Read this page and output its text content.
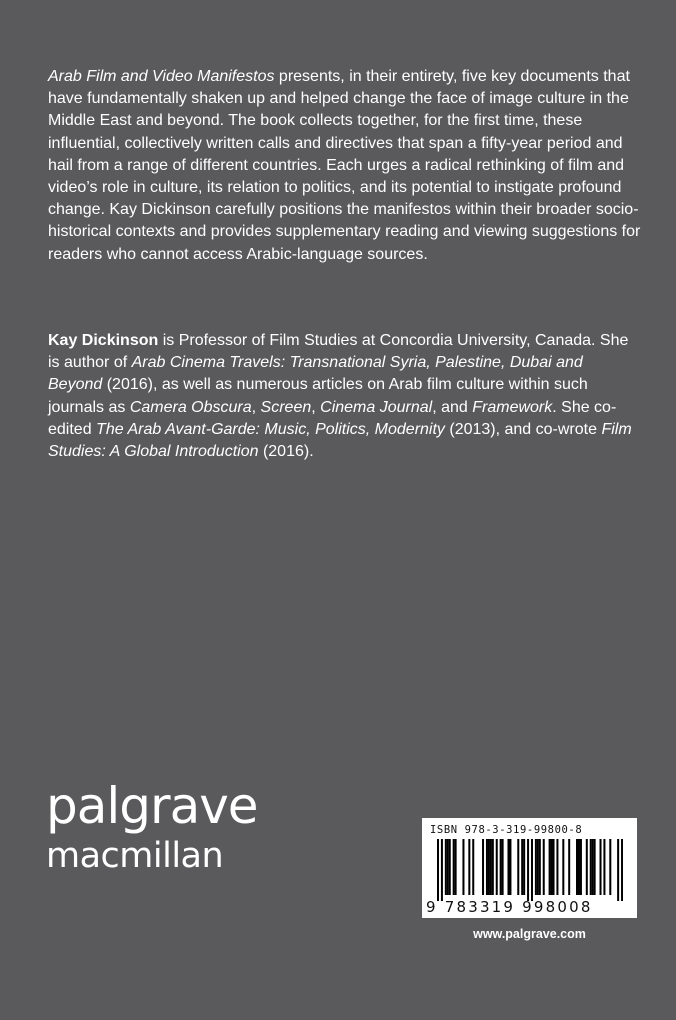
Arab Film and Video Manifestos presents, in their entirety, five key documents that have fundamentally shaken up and helped change the face of image culture in the Middle East and beyond. The book collects together, for the first time, these influential, collectively written calls and directives that span a fifty-year period and hail from a range of different countries. Each urges a radical rethinking of film and video’s role in culture, its relation to politics, and its potential to instigate profound change. Kay Dickinson carefully positions the manifestos within their broader socio-historical contexts and provides supplementary reading and viewing suggestions for readers who cannot access Arabic-language sources.

Kay Dickinson is Professor of Film Studies at Concordia University, Canada. She is author of Arab Cinema Travels: Transnational Syria, Palestine, Dubai and Beyond (2016), as well as numerous articles on Arab film culture within such journals as Camera Obscura, Screen, Cinema Journal, and Framework. She co-edited The Arab Avant-Garde: Music, Politics, Modernity (2013), and co-wrote Film Studies: A Global Introduction (2016).

palgrave
macmillan
ISBN 978-3-319-99800-8
9 783319 998008
www.palgrave.com
